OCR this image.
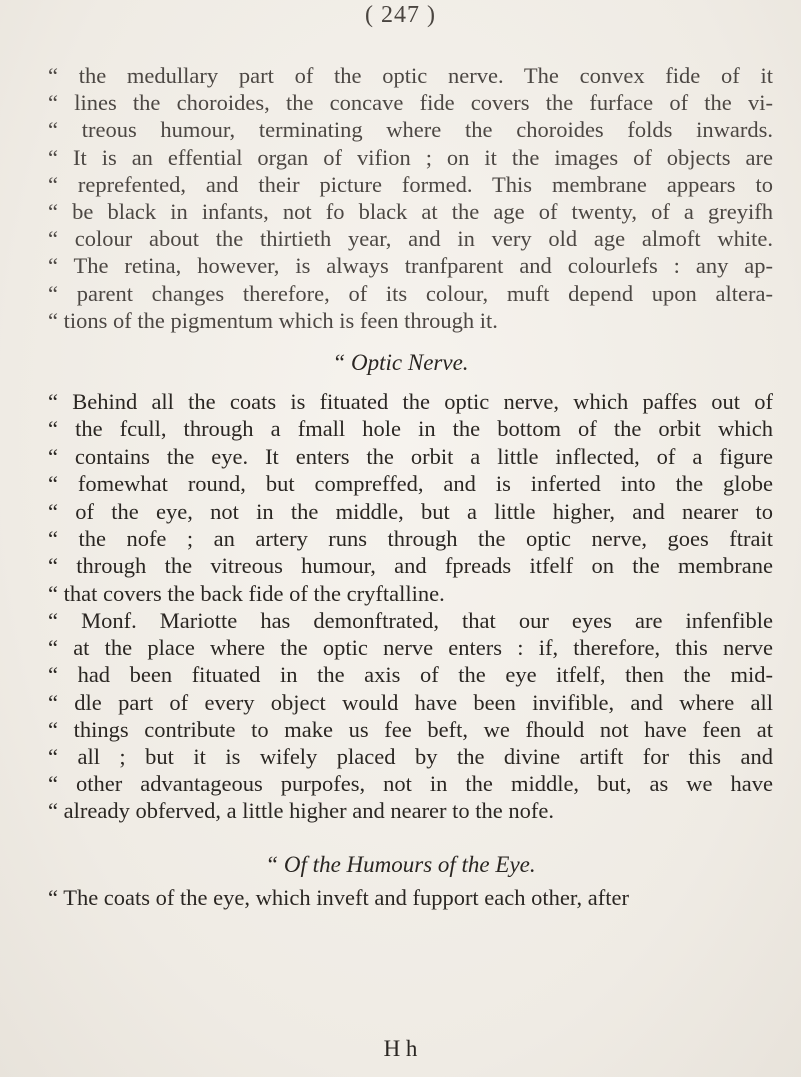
( 247 )
“ the medullary part of the optic nerve. The convex fide of it
“ lines the choroides, the concave fide covers the furface of the vi-
“ treous humour, terminating where the choroides folds inwards.
“ It is an effential organ of vifion ; on it the images of objects are
“ reprefented, and their picture formed. This membrane appears to
“ be black in infants, not fo black at the age of twenty, of a greyifh
“ colour about the thirtieth year, and in very old age almoft white.
“ The retina, however, is always tranfparent and colourlefs : any ap-
“ parent changes therefore, of its colour, muft depend upon altera-
“ tions of the pigmentum which is feen through it.
“ Optic Nerve.
“ Behind all the coats is fituated the optic nerve, which paffes out of
“ the fcull, through a fmall hole in the bottom of the orbit which
“ contains the eye. It enters the orbit a little inflected, of a figure
“ fomewhat round, but compreffed, and is inferted into the globe
“ of the eye, not in the middle, but a little higher, and nearer to
“ the nofe ; an artery runs through the optic nerve, goes ftrait
“ through the vitreous humour, and fpreads itfelf on the membrane
“ that covers the back fide of the cryftalline.
“ Monf. Mariotte has demonftrated, that our eyes are infenfible
“ at the place where the optic nerve enters : if, therefore, this nerve
“ had been fituated in the axis of the eye itfelf, then the mid-
“ dle part of every object would have been invifible, and where all
“ things contribute to make us fee beft, we fhould not have feen at
“ all ; but it is wifely placed by the divine artift for this and
“ other advantageous purpofes, not in the middle, but, as we have
“ already obferved, a little higher and nearer to the nofe.
“ Of the Humours of the Eye.
“ The coats of the eye, which inveft and fupport each other, after
H h
